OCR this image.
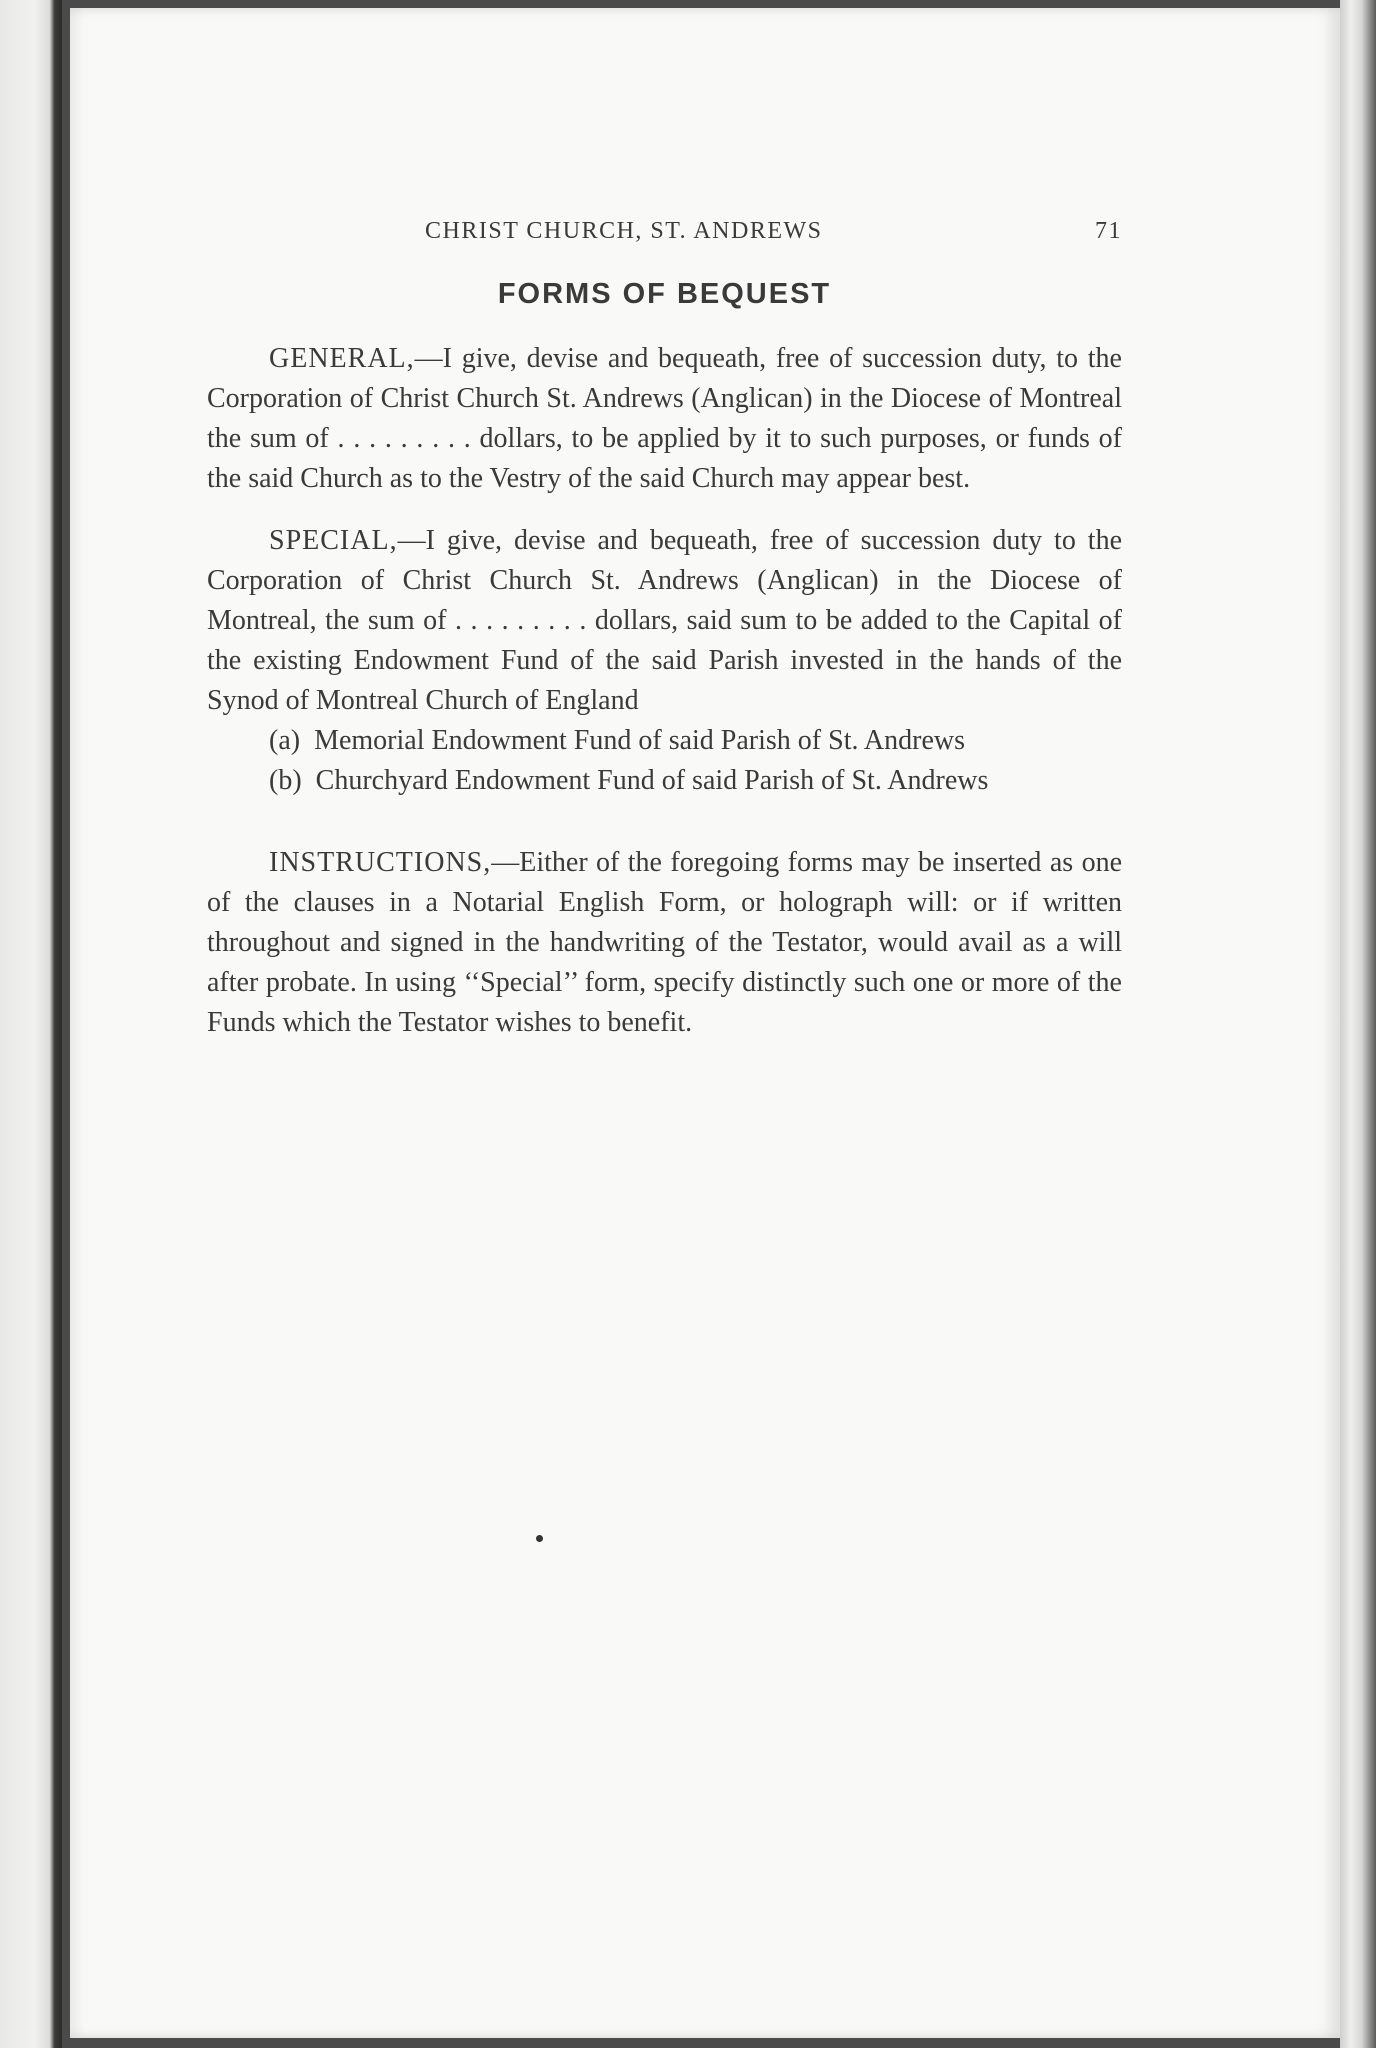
CHRIST CHURCH, ST. ANDREWS	71
FORMS OF BEQUEST

GENERAL,—I give, devise and bequeath, free of succession duty, to the Corporation of Christ Church St. Andrews (Anglican) in the Diocese of Montreal the sum of . . . . . . . . . dollars, to be applied by it to such purposes, or funds of the said Church as to the Vestry of the said Church may appear best.

SPECIAL,—I give, devise and bequeath, free of succession duty to the Corporation of Christ Church St. Andrews (Anglican) in the Diocese of Montreal, the sum of . . . . . . . . . dollars, said sum to be added to the Capital of the existing Endowment Fund of the said Parish invested in the hands of the Synod of Montreal Church of England

(a) Memorial Endowment Fund of said Parish of St. Andrews

(b) Churchyard Endowment Fund of said Parish of St. Andrews

INSTRUCTIONS,—Either of the foregoing forms may be inserted as one of the clauses in a Notarial English Form, or holograph will: or if written throughout and signed in the handwriting of the Testator, would avail as a will after probate. In using ‘‘Special’’ form, specify distinctly such one or more of the Funds which the Testator wishes to benefit.
